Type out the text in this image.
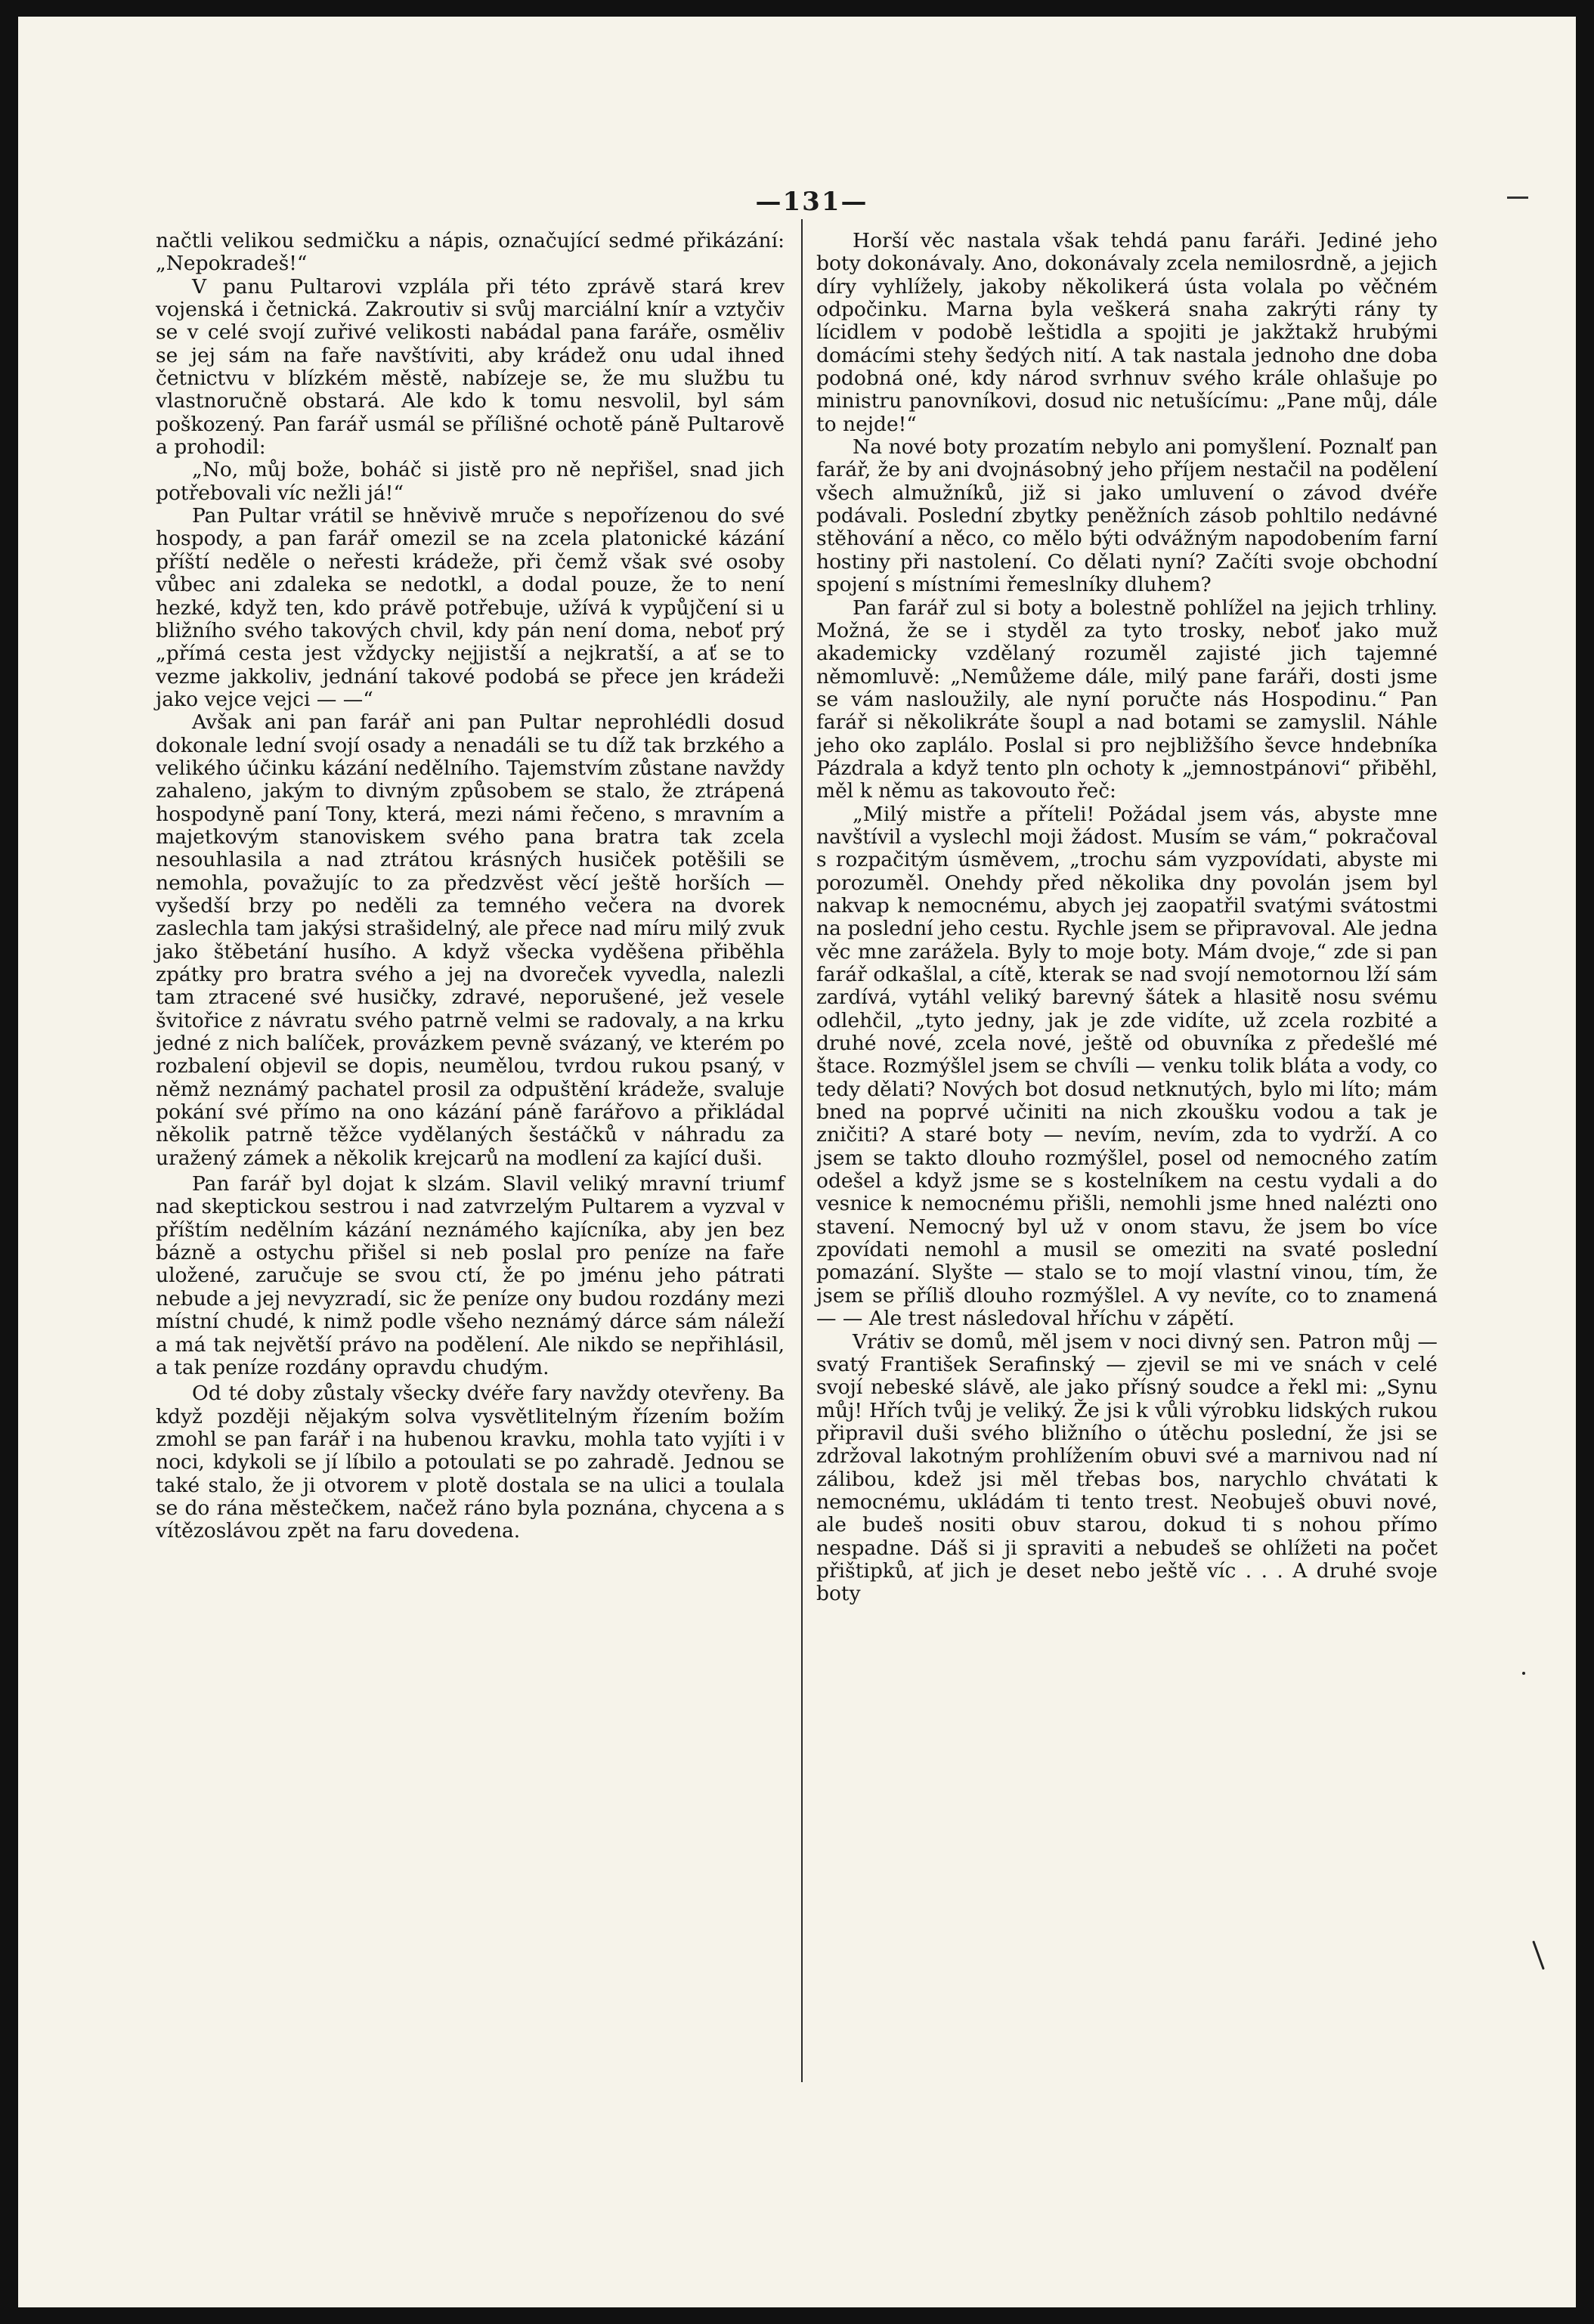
—131—

načtli velikou sedmičku a nápis, označující sedmé přikázání: „Nepokradeš!“

V panu Pultarovi vzplála při této zprávě stará krev vojenská i četnická. Zakroutiv si svůj marciální knír a vztyčiv se v celé svojí zuřivé velikosti nabádal pana faráře, osměliv se jej sám na faře navštíviti, aby krádež onu udal ihned četnictvu v blízkém městě, nabízeje se, že mu službu tu vlastnoručně obstará. Ale kdo k tomu nesvolil, byl sám poškozený. Pan farář usmál se přílišné ochotě páně Pultarově a prohodil:

„No, můj bože, boháč si jistě pro ně nepřišel, snad jich potřebovali víc nežli já!“

Pan Pultar vrátil se hněvivě mruče s nepořízenou do své hospody, a pan farář omezil se na zcela platonické kázání příští neděle o neřesti krádeže, při čemž však své osoby vůbec ani zdaleka se nedotkl, a dodal pouze, že to není hezké, když ten, kdo právě potřebuje, užívá k vypůjčení si u bližního svého takových chvil, kdy pán není doma, neboť prý „přímá cesta jest vždycky nejjistší a nejkratší, a ať se to vezme jakkoliv, jednání takové podobá se přece jen krádeži jako vejce vejci — —“

Avšak ani pan farář ani pan Pultar neprohlédli dosud dokonale lední svojí osady a nenadáli se tu díž tak brzkého a velikého účinku kázání nedělního. Tajemstvím zůstane navždy zahaleno, jakým to divným způsobem se stalo, že ztrápená hospodyně paní Tony, která, mezi námi řečeno, s mravním a majetkovým stanoviskem svého pana bratra tak zcela nesouhlasila a nad ztrátou krásných husiček potěšili se nemohla, považujíc to za předzvěst věcí ještě horších — vyšedší brzy po neděli za temného večera na dvorek zaslechla tam jakýsi strašidelný, ale přece nad míru milý zvuk jako štěbetání husího. A když všecka vyděšena přiběhla zpátky pro bratra svého a jej na dvoreček vyvedla, nalezli tam ztracené své husičky, zdravé, neporušené, jež vesele švitořice z návratu svého patrně velmi se radovaly, a na krku jedné z nich balíček, provázkem pevně svázaný, ve kterém po rozbalení objevil se dopis, neumělou, tvrdou rukou psaný, v němž neznámý pachatel prosil za odpuštění krádeže, svaluje pokání své přímo na ono kázání páně farářovo a přikládal několik patrně těžce vydělaných šestáčků v náhradu za uražený zámek a několik krejcarů na modlení za kající duši.

Pan farář byl dojat k slzám. Slavil veliký mravní triumf nad skeptickou sestrou i nad zatvrzelým Pultarem a vyzval v příštím nedělním kázání neznámého kajícníka, aby jen bez bázně a ostychu přišel si neb poslal pro peníze na faře uložené, zaručuje se svou ctí, že po jménu jeho pátrati nebude a jej nevyzradí, sic že peníze ony budou rozdány mezi místní chudé, k nimž podle všeho neznámý dárce sám náleží a má tak největší právo na podělení. Ale nikdo se nepřihlásil, a tak peníze rozdány opravdu chudým.

Od té doby zůstaly všecky dvéře fary navždy otevřeny. Ba když později nějakým solva vysvětlitelným řízením božím zmohl se pan farář i na hubenou kravku, mohla tato vyjíti i v noci, kdykoli se jí líbilo a potoulati se po zahradě. Jednou se také stalo, že ji otvorem v plotě dostala se na ulici a toulala se do rána městečkem, načež ráno byla poznána, chycena a s vítězoslávou zpět na faru dovedena.

Horší věc nastala však tehdá panu faráři. Jediné jeho boty dokonávaly. Ano, dokonávaly zcela nemilosrdně, a jejich díry vyhlížely, jakoby několikerá ústa volala po věčném odpočinku. Marna byla veškerá snaha zakrýti rány ty lícidlem v podobě leštidla a spojiti je jakžtakž hrubými domácími stehy šedých nití. A tak nastala jednoho dne doba podobná oné, kdy národ svrhnuv svého krále ohlašuje po ministru panovníkovi, dosud nic netušícímu: „Pane můj, dále to nejde!“

Na nové boty prozatím nebylo ani pomyšlení. Poznalť pan farář, že by ani dvojnásobný jeho příjem nestačil na podělení všech almužníků, již si jako umluvení o závod dvéře podávali. Poslední zbytky peněžních zásob pohltilo nedávné stěhování a něco, co mělo býti odvážným napodobením farní hostiny při nastolení. Co dělati nyní? Začíti svoje obchodní spojení s místními řemeslníky dluhem?

Pan farář zul si boty a bolestně pohlížel na jejich trhliny. Možná, že se i styděl za tyto trosky, neboť jako muž akademicky vzdělaný rozuměl zajisté jich tajemné němomluvě: „Nemůžeme dále, milý pane faráři, dosti jsme se vám nasloužily, ale nyní poručte nás Hospodinu.“ Pan farář si několikráte šoupl a nad botami se zamyslil. Náhle jeho oko zaplálo. Poslal si pro nejbližšího ševce hndebníka Pázdrala a když tento pln ochoty k „jemnostpánovi“ přiběhl, měl k němu as takovouto řeč:

„Milý mistře a příteli! Požádal jsem vás, abyste mne navštívil a vyslechl moji žádost. Musím se vám,“ pokračoval s rozpačitým úsměvem, „trochu sám vyzpovídati, abyste mi porozuměl. Onehdy před několika dny povolán jsem byl nakvap k nemocnému, abych jej zaopatřil svatými svátostmi na poslední jeho cestu. Rychle jsem se připravoval. Ale jedna věc mne zarážela. Byly to moje boty. Mám dvoje,“ zde si pan farář odkašlal, a cítě, kterak se nad svojí nemotornou lží sám zardívá, vytáhl veliký barevný šátek a hlasitě nosu svému odlehčil, „tyto jedny, jak je zde vidíte, už zcela rozbité a druhé nové, zcela nové, ještě od obuvníka z předešlé mé štace. Rozmýšlel jsem se chvíli — venku tolik bláta a vody, co tedy dělati? Nových bot dosud netknutých, bylo mi líto; mám bned na poprvé učiniti na nich zkoušku vodou a tak je zničiti? A staré boty — nevím, nevím, zda to vydrží. A co jsem se takto dlouho rozmýšlel, posel od nemocného zatím odešel a když jsme se s kostelníkem na cestu vydali a do vesnice k nemocnému přišli, nemohli jsme hned nalézti ono stavení. Nemocný byl už v onom stavu, že jsem bo více zpovídati nemohl a musil se omeziti na svaté poslední pomazání. Slyšte — stalo se to mojí vlastní vinou, tím, že jsem se příliš dlouho rozmýšlel. A vy nevíte, co to znamená — — Ale trest následoval hříchu v zápětí.

Vrátiv se domů, měl jsem v noci divný sen. Patron můj — svatý František Serafinský — zjevil se mi ve snách v celé svojí nebeské slávě, ale jako přísný soudce a řekl mi: „Synu můj! Hřích tvůj je veliký. Že jsi k vůli výrobku lidských rukou připravil duši svého bližního o útěchu poslední, že jsi se zdržoval lakotným prohlížením obuvi své a marnivou nad ní zálibou, kdež jsi měl třebas bos, narychlo chvátati k nemocnému, ukládám ti tento trest. Neobuješ obuvi nové, ale budeš nositi obuv starou, dokud ti s nohou přímo nespadne. Dáš si ji spraviti a nebudeš se ohlížeti na počet přištipků, ať jich je deset nebo ještě víc . . . A druhé svoje boty
